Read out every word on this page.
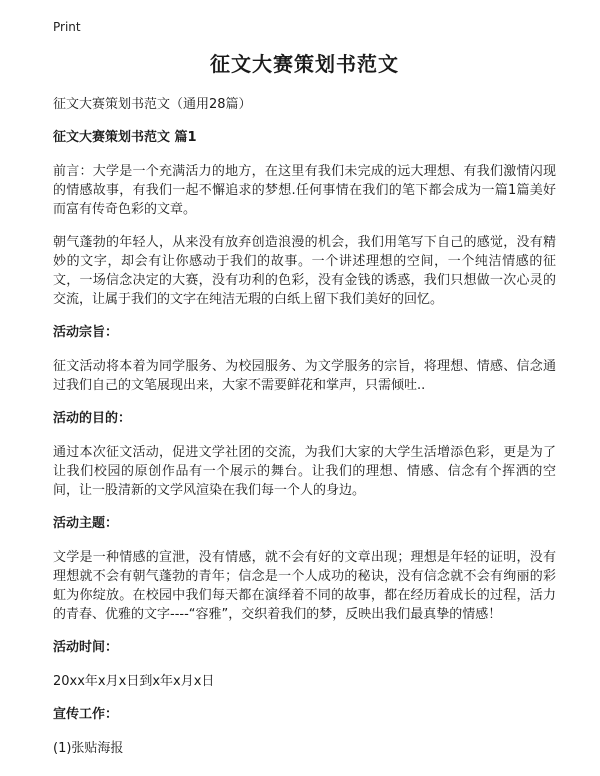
Print
征文大赛策划书范文
征文大赛策划书范文（通用28篇）
征文大赛策划书范文 篇1
前言：大学是一个充满活力的地方，在这里有我们未完成的远大理想、有我们激情闪现的情感故事，有我们一起不懈追求的梦想.任何事情在我们的笔下都会成为一篇1篇美好而富有传奇色彩的文章。
朝气蓬勃的年轻人，从来没有放弃创造浪漫的机会，我们用笔写下自己的感觉，没有精妙的文字，却会有让你感动于我们的故事。一个讲述理想的空间，一个纯洁情感的征文，一场信念决定的大赛，没有功利的色彩，没有金钱的诱惑，我们只想做一次心灵的交流，让属于我们的文字在纯洁无瑕的白纸上留下我们美好的回忆。
活动宗旨：
征文活动将本着为同学服务、为校园服务、为文学服务的宗旨，将理想、情感、信念通过我们自己的文笔展现出来，大家不需要鲜花和掌声，只需倾吐..
活动的目的：
通过本次征文活动，促进文学社团的交流，为我们大家的大学生活增添色彩，更是为了让我们校园的原创作品有一个展示的舞台。让我们的理想、情感、信念有个挥洒的空间，让一股清新的文学风渲染在我们每一个人的身边。
活动主题：
文学是一种情感的宣泄，没有情感，就不会有好的文章出现；理想是年轻的证明，没有理想就不会有朝气蓬勃的青年；信念是一个人成功的秘诀，没有信念就不会有绚丽的彩虹为你绽放。在校园中我们每天都在演绎着不同的故事，都在经历着成长的过程，活力的青春、优雅的文字----“容雅”，交织着我们的梦，反映出我们最真挚的情感！
活动时间：
20xx年x月x日到x年x月x日
宣传工作：
(1)张贴海报
